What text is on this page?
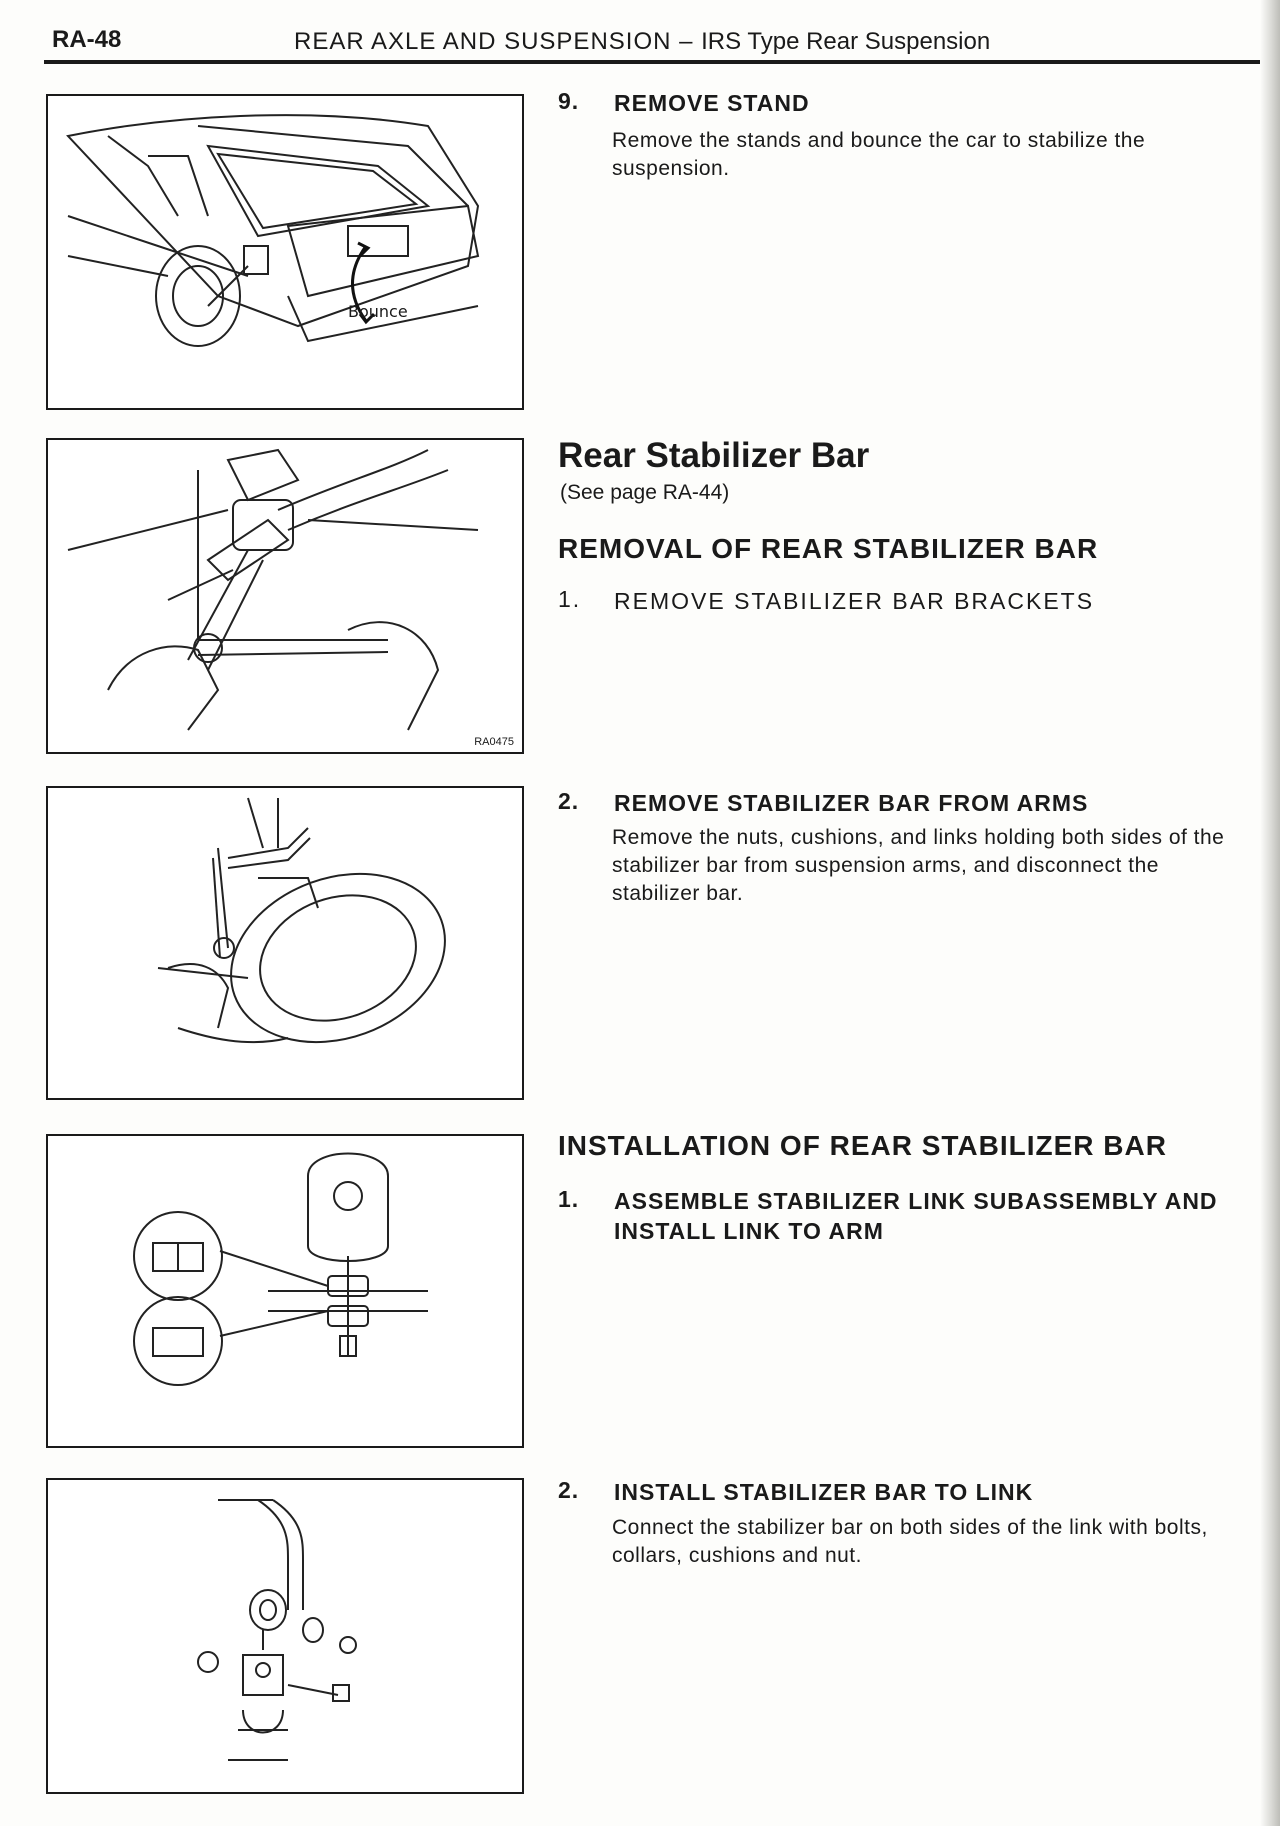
RA-48	REAR AXLE AND SUSPENSION – IRS Type Rear Suspension
Bounce
9. REMOVE STAND
Remove the stands and bounce the car to stabilize the suspension.
RA0475
Rear Stabilizer Bar
(See page RA-44)
REMOVAL OF REAR STABILIZER BAR
1. REMOVE STABILIZER BAR BRACKETS
2. REMOVE STABILIZER BAR FROM ARMS
Remove the nuts, cushions, and links holding both sides of the stabilizer bar from suspension arms, and disconnect the stabilizer bar.
INSTALLATION OF REAR STABILIZER BAR
1. ASSEMBLE STABILIZER LINK SUBASSEMBLY AND INSTALL LINK TO ARM
2. INSTALL STABILIZER BAR TO LINK
Connect the stabilizer bar on both sides of the link with bolts, collars, cushions and nut.
